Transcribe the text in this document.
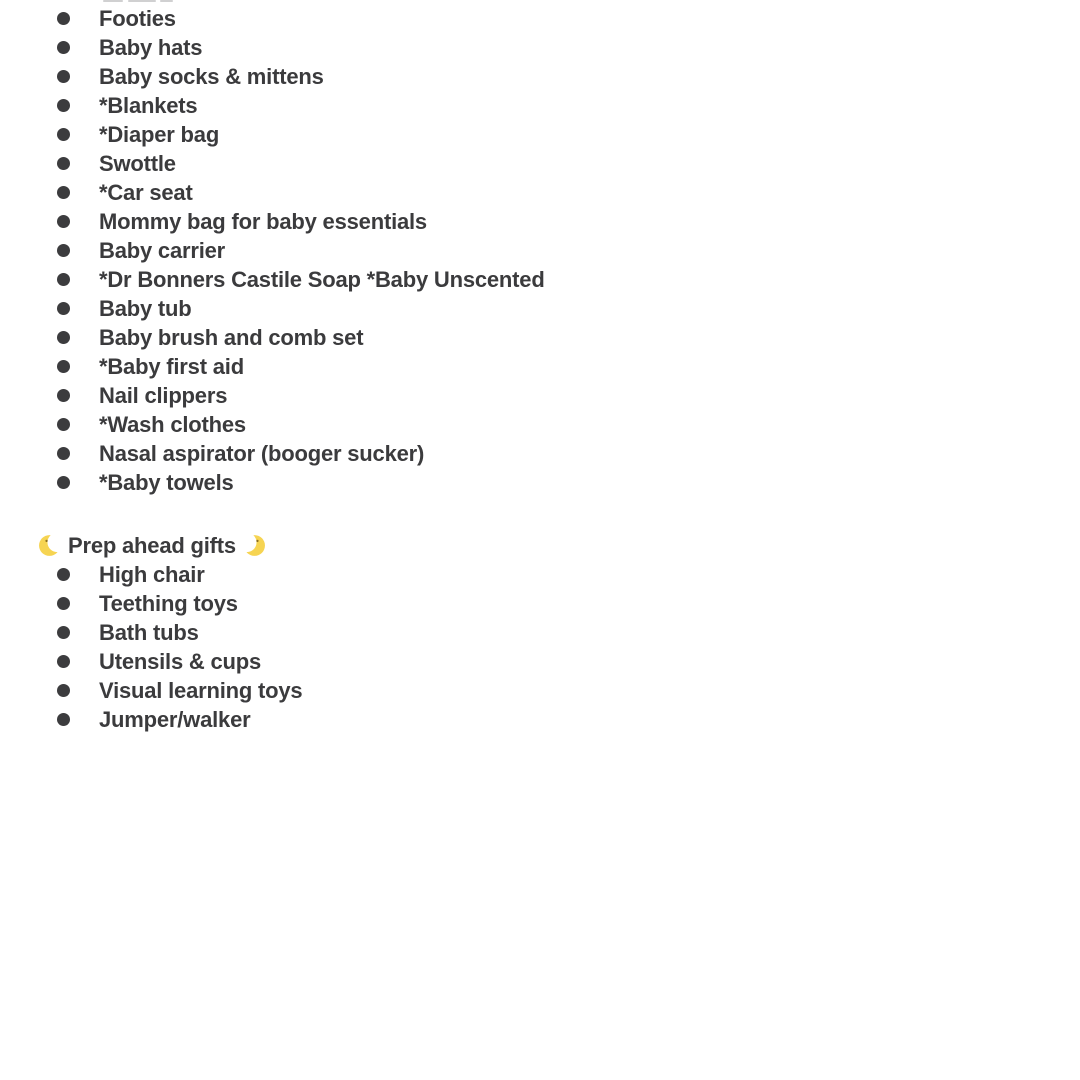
Footies
Baby hats
Baby socks & mittens
*Blankets
*Diaper bag
Swottle
*Car seat
Mommy bag for baby essentials
Baby carrier
*Dr Bonners Castile Soap *Baby Unscented
Baby tub
Baby brush and comb set
*Baby first aid
Nail clippers
*Wash clothes
Nasal aspirator (booger sucker)
*Baby towels
Prep ahead gifts
High chair
Teething toys
Bath tubs
Utensils & cups
Visual learning toys
Jumper/walker
